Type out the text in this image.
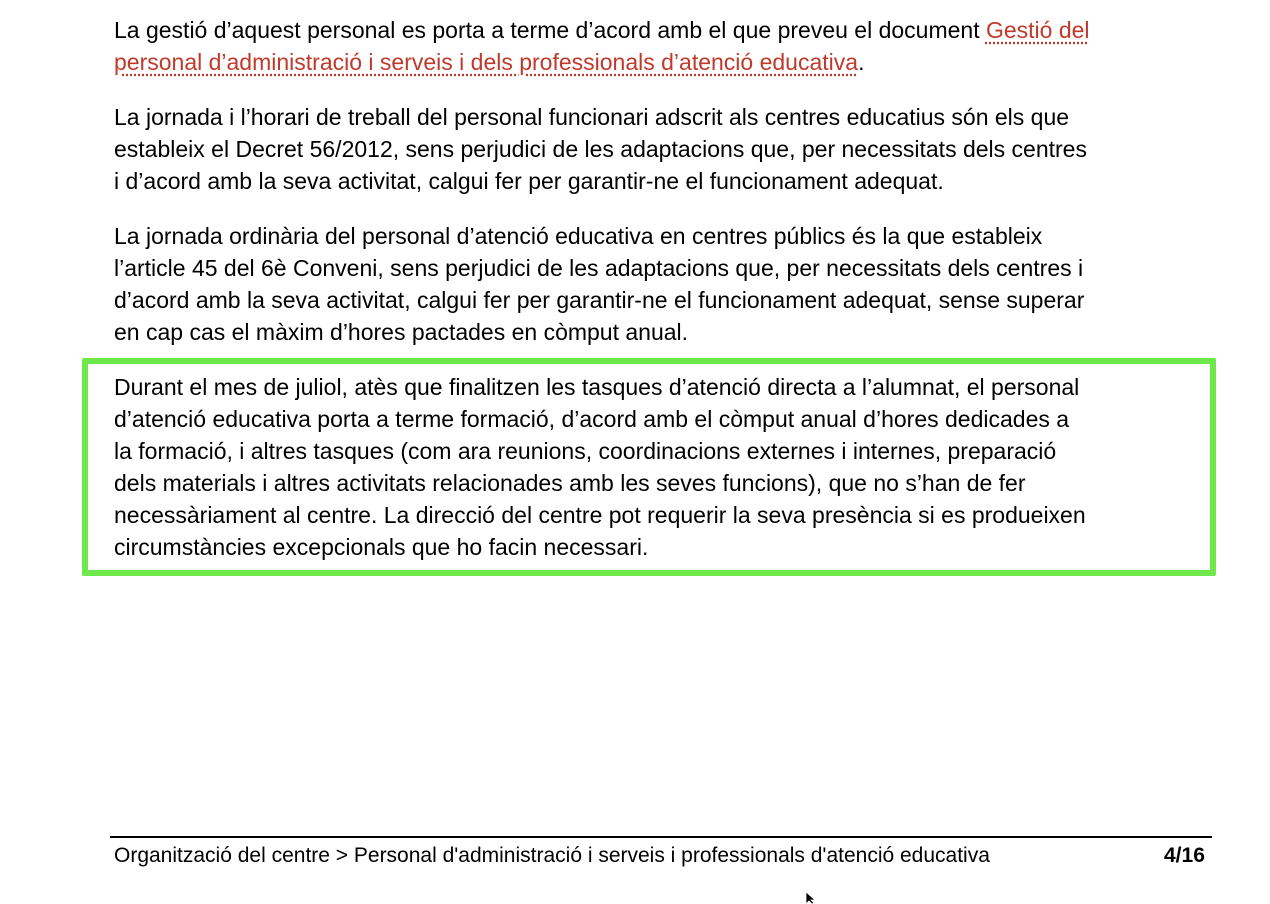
La gestió d’aquest personal es porta a terme d’acord amb el que preveu el document Gestió del
personal d’administració i serveis i dels professionals d’atenció educativa.
La jornada i l’horari de treball del personal funcionari adscrit als centres educatius són els que
estableix el Decret 56/2012, sens perjudici de les adaptacions que, per necessitats dels centres
i d’acord amb la seva activitat, calgui fer per garantir-ne el funcionament adequat.
La jornada ordinària del personal d’atenció educativa en centres públics és la que estableix
l’article 45 del 6è Conveni, sens perjudici de les adaptacions que, per necessitats dels centres i
d’acord amb la seva activitat, calgui fer per garantir-ne el funcionament adequat, sense superar
en cap cas el màxim d’hores pactades en còmput anual.
Durant el mes de juliol, atès que finalitzen les tasques d’atenció directa a l’alumnat, el personal
d’atenció educativa porta a terme formació, d’acord amb el còmput anual d’hores dedicades a
la formació, i altres tasques (com ara reunions, coordinacions externes i internes, preparació
dels materials i altres activitats relacionades amb les seves funcions), que no s’han de fer
necessàriament al centre. La direcció del centre pot requerir la seva presència si es produeixen
circumstàncies excepcionals que ho facin necessari.
Organització del centre > Personal d'administració i serveis i professionals d'atenció educativa	4/16
